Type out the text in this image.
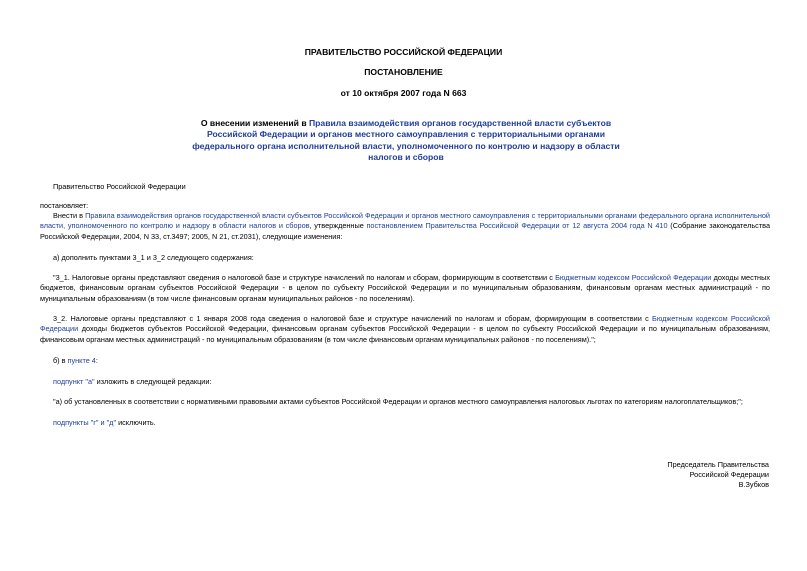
ПРАВИТЕЛЬСТВО РОССИЙСКОЙ ФЕДЕРАЦИИ
ПОСТАНОВЛЕНИЕ
от 10 октября 2007 года N 663
О внесении изменений в Правила взаимодействия органов государственной власти субъектов Российской Федерации и органов местного самоуправления с территориальными органами федерального органа исполнительной власти, уполномоченного по контролю и надзору в области налогов и сборов
Правительство Российской Федерации
постановляет:
Внести в Правила взаимодействия органов государственной власти субъектов Российской Федерации и органов местного самоуправления с территориальными органами федерального органа исполнительной власти, уполномоченного по контролю и надзору в области налогов и сборов, утвержденные постановлением Правительства Российской Федерации от 12 августа 2004 года N 410 (Собрание законодательства Российской Федерации, 2004, N 33, ст.3497; 2005, N 21, ст.2031), следующие изменения:
а) дополнить пунктами 3_1 и 3_2 следующего содержания:
"3_1. Налоговые органы представляют сведения о налоговой базе и структуре начислений по налогам и сборам, формирующим в соответствии с Бюджетным кодексом Российской Федерации доходы местных бюджетов, финансовым органам субъектов Российской Федерации - в целом по субъекту Российской Федерации и по муниципальным образованиям, финансовым органам местных администраций - по муниципальным образованиям (в том числе финансовым органам муниципальных районов - по поселениям).
3_2. Налоговые органы представляют с 1 января 2008 года сведения о налоговой базе и структуре начислений по налогам и сборам, формирующим в соответствии с Бюджетным кодексом Российской Федерации доходы бюджетов субъектов Российской Федерации, финансовым органам субъектов Российской Федерации - в целом по субъекту Российской Федерации и по муниципальным образованиям, финансовым органам местных администраций - по муниципальным образованиям (в том числе финансовым органам муниципальных районов - по поселениям).";
б) в пункте 4:
подпункт "а" изложить в следующей редакции:
"а) об установленных в соответствии с нормативными правовыми актами субъектов Российской Федерации и органов местного самоуправления налоговых льготах по категориям налогоплательщиков;";
подпункты "г" и "д" исключить.
Председатель Правительства
Российской Федерации
В.Зубков
